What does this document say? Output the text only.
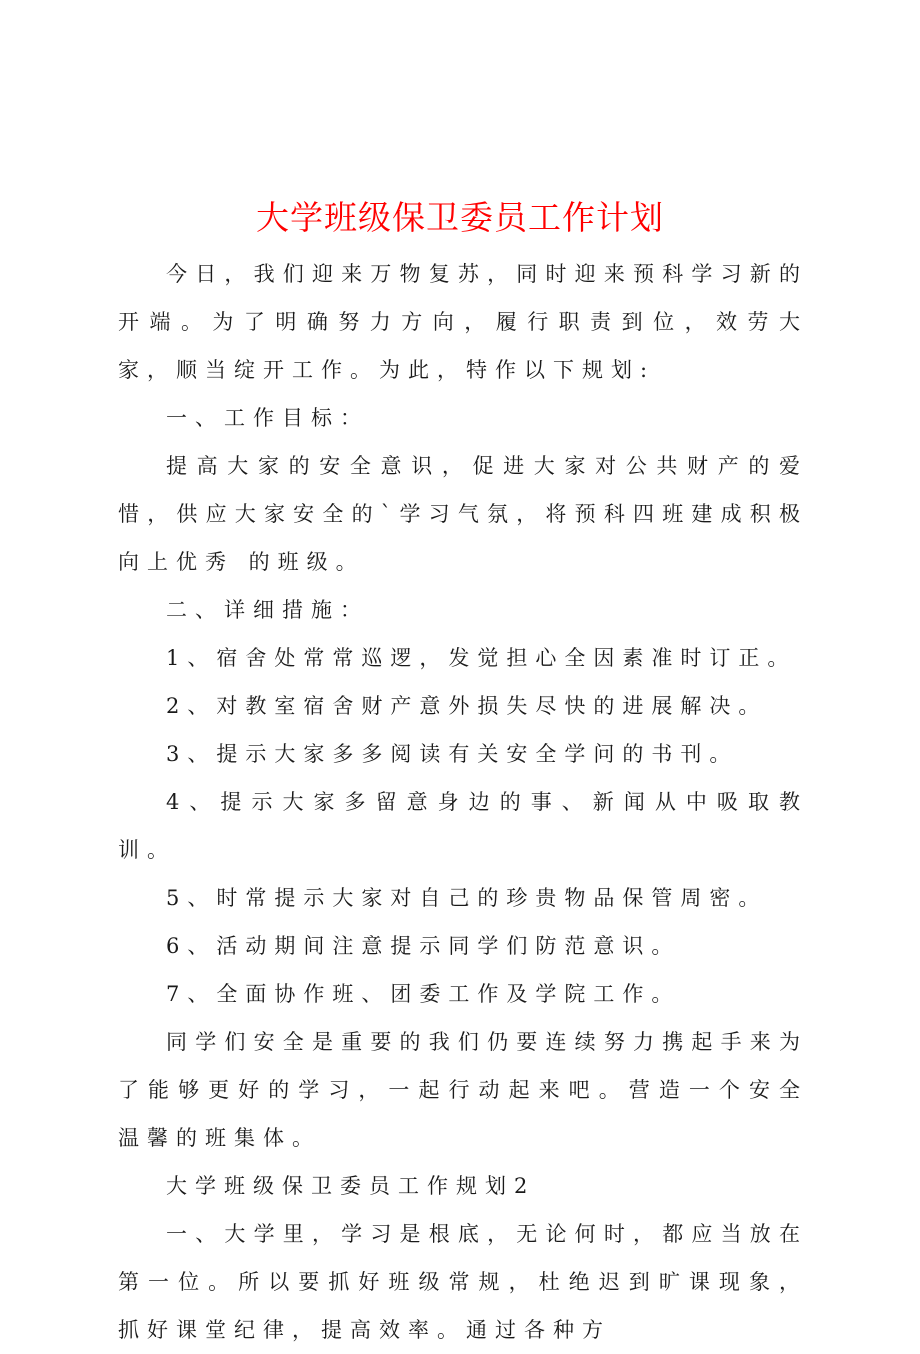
大学班级保卫委员工作计划

今日，我们迎来万物复苏，同时迎来预科学习新的开端。为了明确努力方向，履行职责到位，效劳大家，顺当绽开工作。为此，特作以下规划:

一、工作目标：

提高大家的安全意识，促进大家对公共财产的爱惜，供应大家安全的`学习气氛，将预科四班建成积极向上优秀 的班级。

二、详细措施：

1、宿舍处常常巡逻，发觉担心全因素准时订正。

2、对教室宿舍财产意外损失尽快的进展解决。

3、提示大家多多阅读有关安全学问的书刊。

4、提示大家多留意身边的事、新闻从中吸取教训。

5、时常提示大家对自己的珍贵物品保管周密。

6、活动期间注意提示同学们防范意识。

7、全面协作班、团委工作及学院工作。

同学们安全是重要的我们仍要连续努力携起手来为了能够更好的学习，一起行动起来吧。营造一个安全温馨的班集体。

大学班级保卫委员工作规划2

一、大学里，学习是根底，无论何时，都应当放在第一位。所以要抓好班级常规，杜绝迟到旷课现象，抓好课堂纪律，提高效率。通过各种方
